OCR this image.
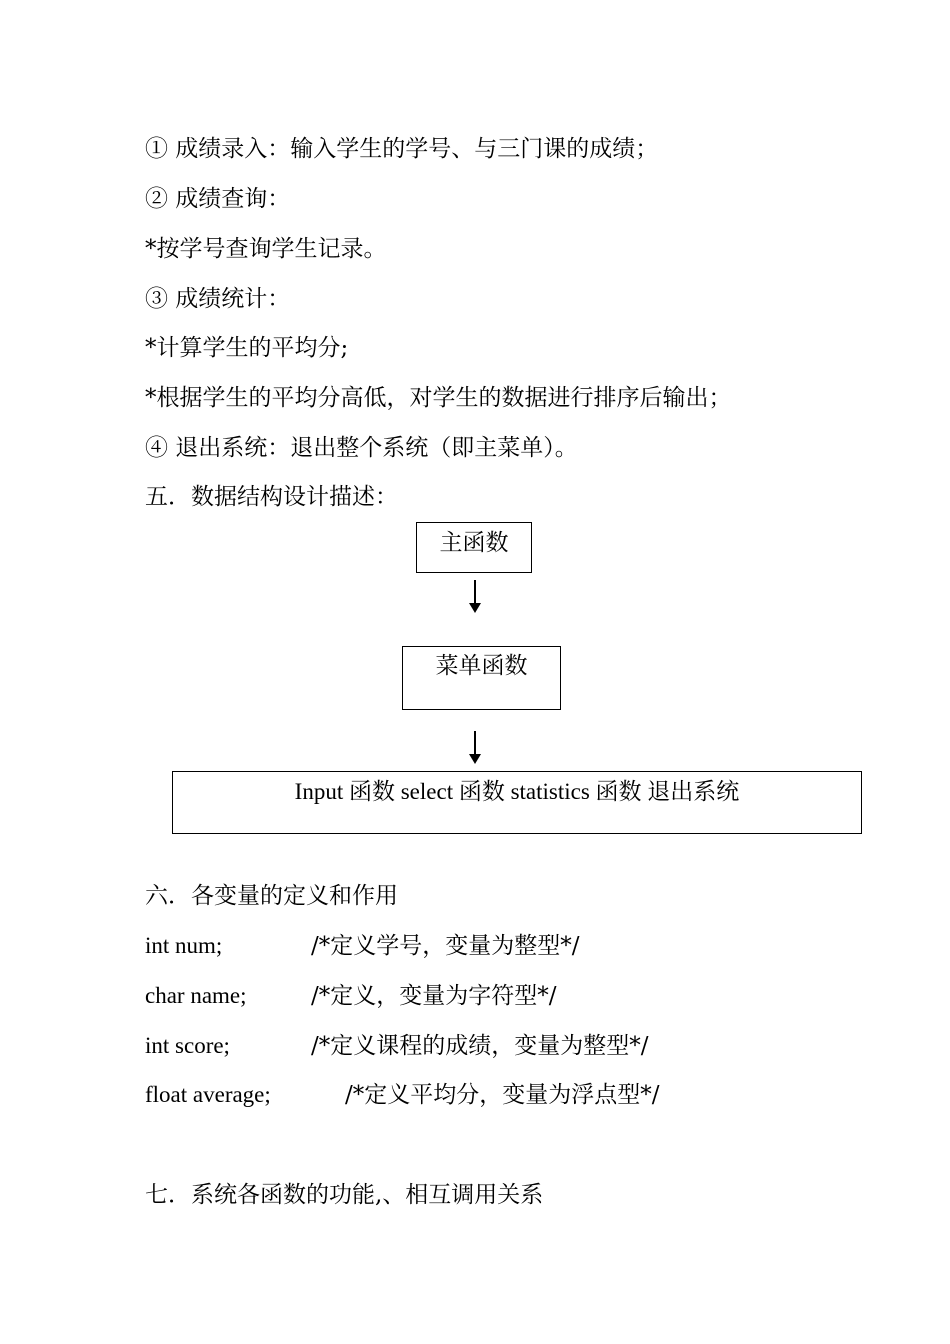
① 成绩录入：输入学生的学号、与三门课的成绩；
② 成绩查询：
*按学号查询学生记录。
③ 成绩统计：
*计算学生的平均分;
*根据学生的平均分高低，对学生的数据进行排序后输出；
④ 退出系统：退出整个系统（即主菜单）。
五．数据结构设计描述：
主函数
菜单函数
Input 函数 select 函数 statistics 函数 退出系统
六．各变量的定义和作用
int num;	/*定义学号，变量为整型*/
char name;	/*定义，变量为字符型*/
int score;	/*定义课程的成绩，变量为整型*/
float average;	/*定义平均分，变量为浮点型*/
七．系统各函数的功能,、相互调用关系
